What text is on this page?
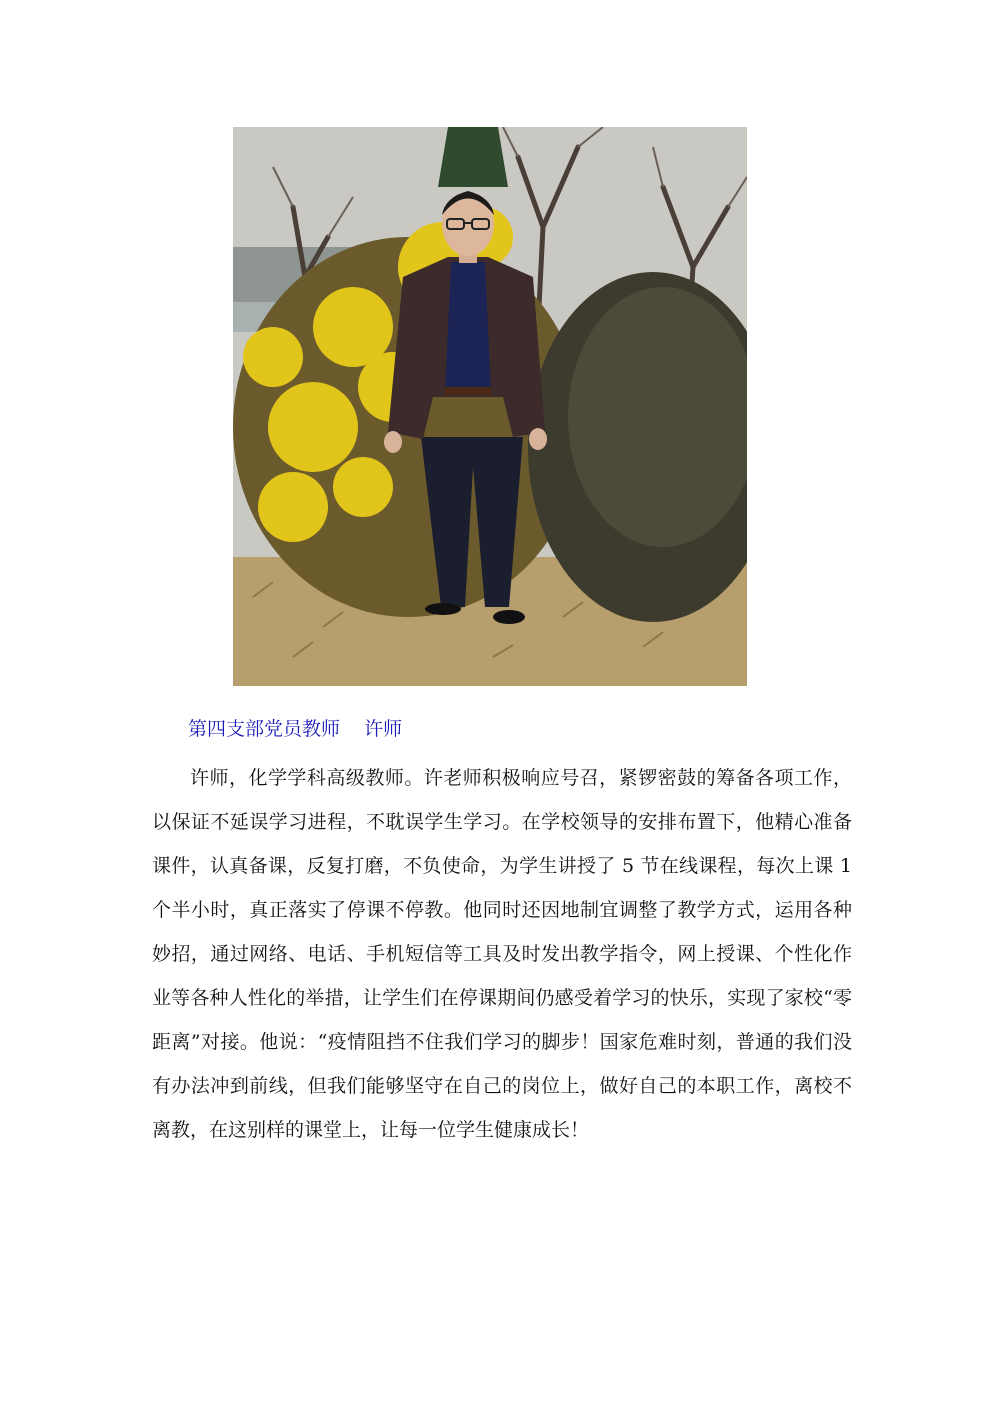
第四支部党员教师    许师

许师，化学学科高级教师。许老师积极响应号召，紧锣密鼓的筹备各项工作，以保证不延误学习进程，不耽误学生学习。在学校领导的安排布置下，他精心准备课件，认真备课，反复打磨，不负使命，为学生讲授了 5 节在线课程，每次上课 1 个半小时，真正落实了停课不停教。他同时还因地制宜调整了教学方式，运用各种妙招，通过网络、电话、手机短信等工具及时发出教学指令，网上授课、个性化作业等各种人性化的举措，让学生们在停课期间仍感受着学习的快乐，实现了家校“零距离”对接。他说：“疫情阻挡不住我们学习的脚步！国家危难时刻，普通的我们没有办法冲到前线，但我们能够坚守在自己的岗位上，做好自己的本职工作，离校不离教，在这别样的课堂上，让每一位学生健康成长！
